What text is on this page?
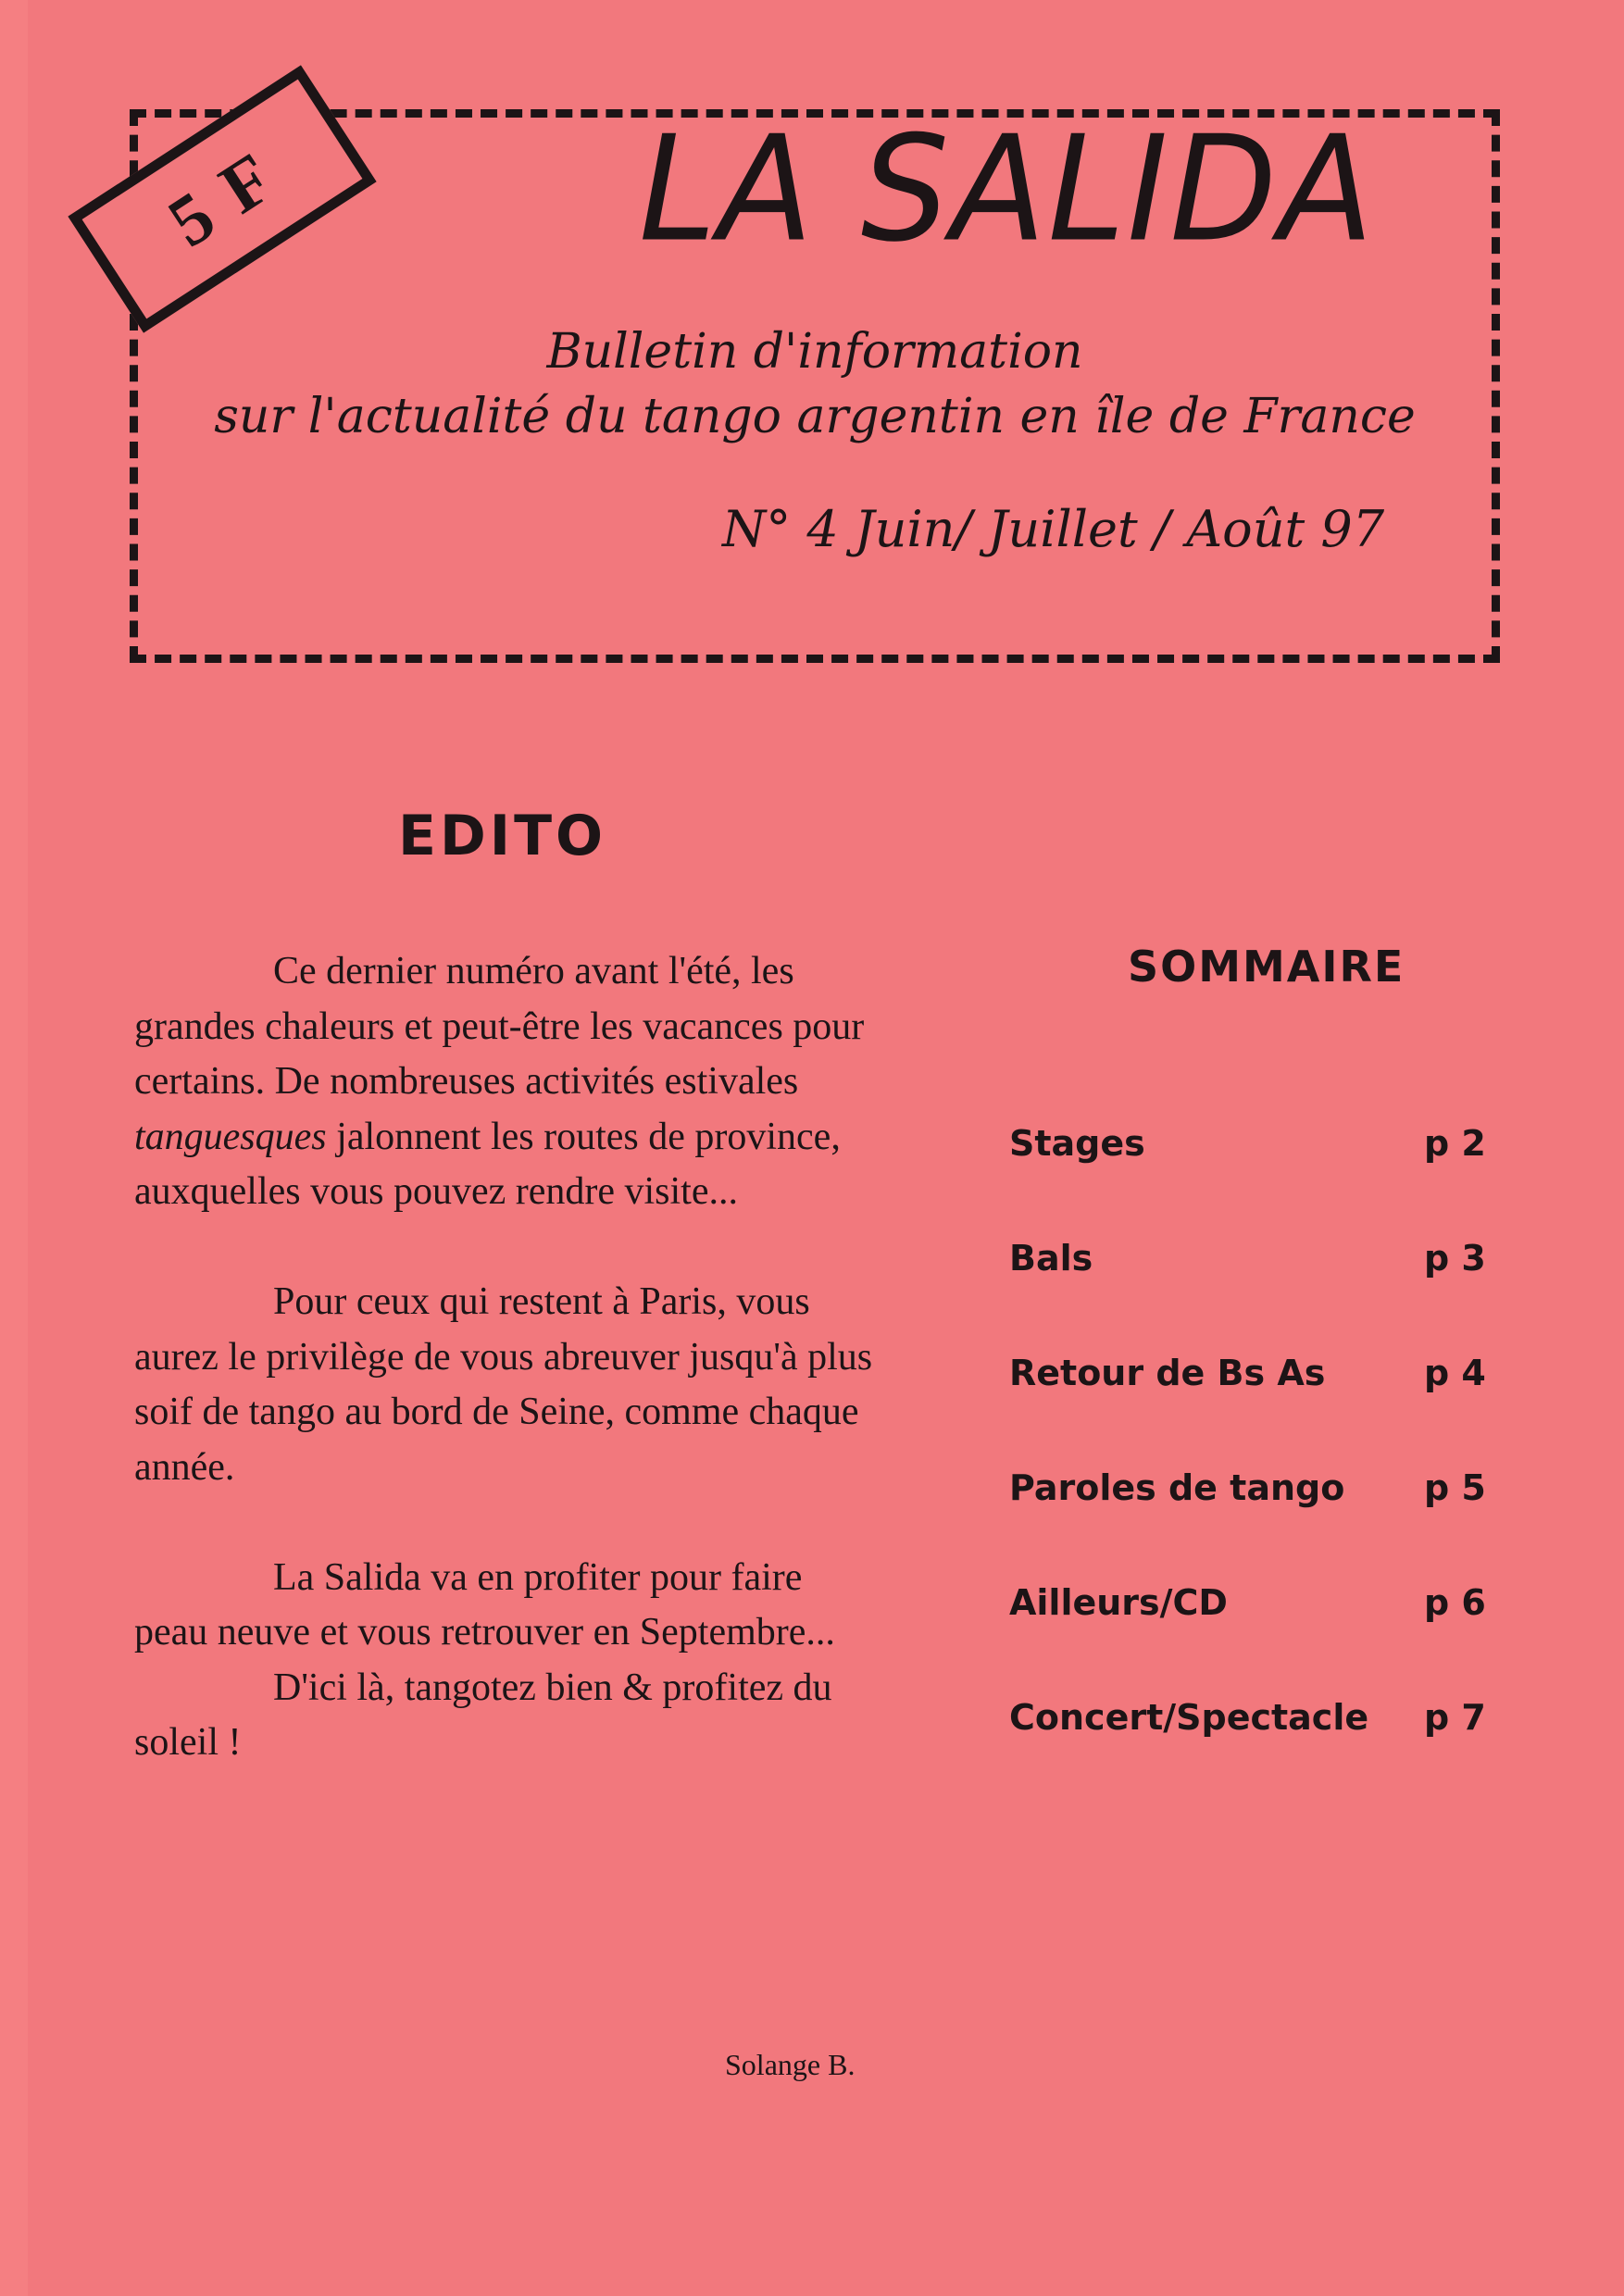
5 F	LA SALIDA
Bulletin d'information
sur l'actualité du tango argentin en île de France
N° 4 Juin/ Juillet / Août 97
EDITO

Ce dernier numéro avant l'été, les grandes chaleurs et peut-être les vacances pour certains. De nombreuses activités estivales tanguesques jalonnent les routes de province, auxquelles vous pouvez rendre visite...

Pour ceux qui restent à Paris, vous aurez le privilège de vous abreuver jusqu'à plus soif de tango au bord de Seine, comme chaque année.

La Salida va en profiter pour faire peau neuve et vous retrouver en Septembre...

D'ici là, tangotez bien & profitez du soleil !

Solange B.
SOMMAIRE
Stages	p 2
Bals	p 3
Retour de Bs As	p 4
Paroles de tango p 5
Ailleurs/CD	p 6
Concert/Spectacle p 7
